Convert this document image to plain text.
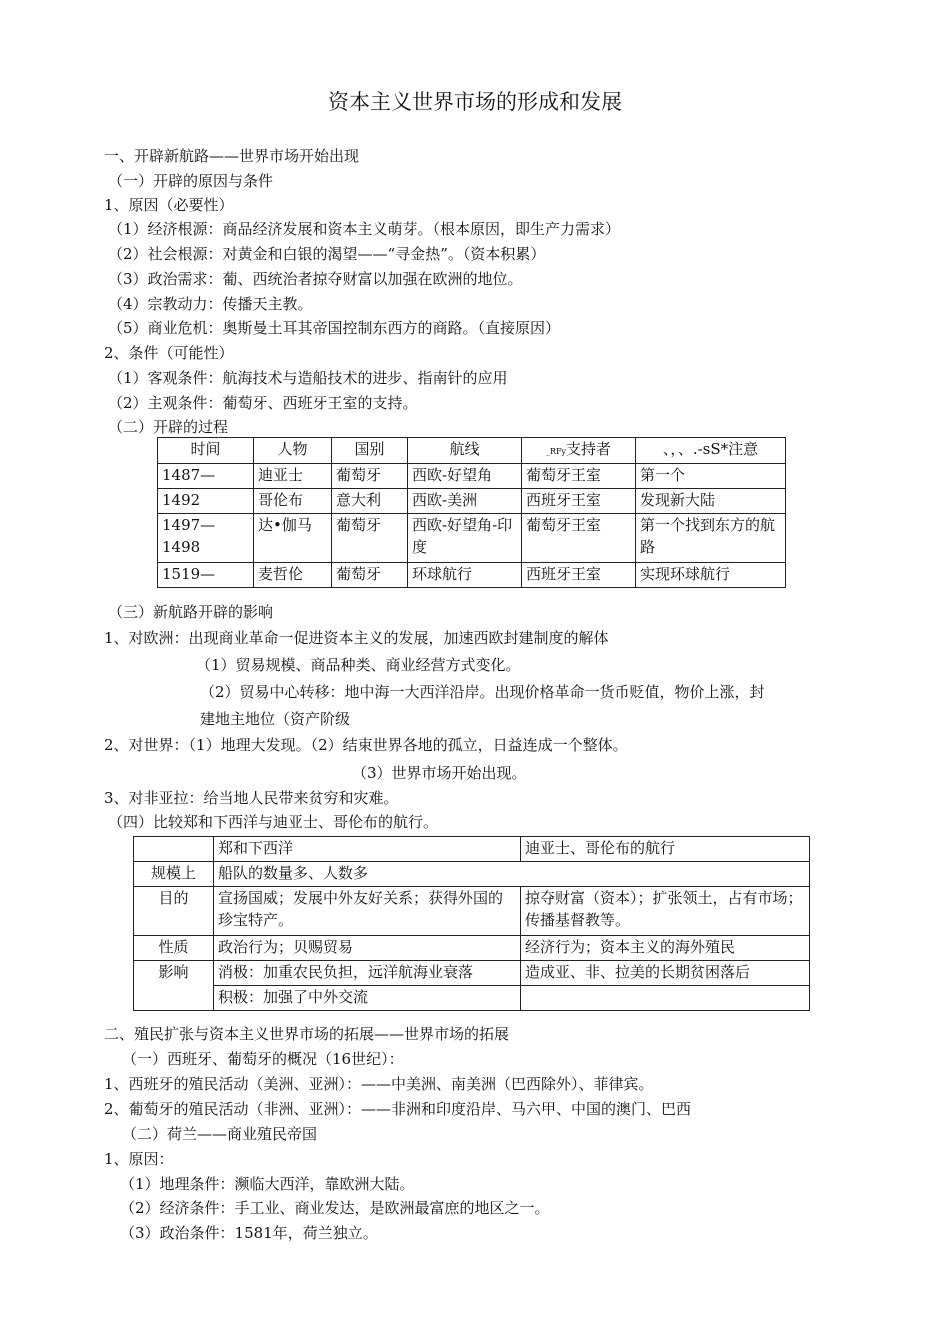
资本主义世界市场的形成和发展
一、开辟新航路——世界市场开始出现
（一）开辟的原因与条件
1、原因（必要性）
（1）经济根源：商品经济发展和资本主义萌芽。（根本原因，即生产力需求）
（2）社会根源：对黄金和白银的渴望——“寻金热”。（资本积累）
（3）政治需求：葡、西统治者掠夺财富以加强在欧洲的地位。
（4）宗教动力：传播天主教。
（5）商业危机：奥斯曼土耳其帝国控制东西方的商路。（直接原因）
2、条件（可能性）
（1）客观条件：航海技术与造船技术的进步、指南针的应用
（2）主观条件：葡萄牙、西班牙王室的支持。
（二）开辟的过程
时间	人物	国别	航线	_RFy支持者	、，、.-sS*注意

1487—	迪亚士	葡萄牙	西欧-好望角	葡萄牙王室	第一个
1492	哥伦布	意大利	西欧-美洲	西班牙王室	发现新大陆
1497—
1498	达•伽马	葡萄牙	西欧-好望角-印度	葡萄牙王室	第一个找到东方的航路

1519—	麦哲伦	葡萄牙	环球航行	西班牙王室	实现环球航行
（三）新航路开辟的影响
1、对欧洲：出现商业革命一促进资本主义的发展，加速西欧封建制度的解体
（1）贸易规模、商品种类、商业经营方式变化。
（2）贸易中心转移：地中海一大西洋沿岸。出现价格革命一货币贬值，物价上涨，封
建地主地位（资产阶级
2、对世界：（1）地理大发现。（2）结束世界各地的孤立，日益连成一个整体。
（3）世界市场开始出现。
3、对非亚拉：给当地人民带来贫穷和灾难。
（四）比较郑和下西洋与迪亚士、哥伦布的航行。
	郑和下西洋	迪亚士、哥伦布的航行
规模上	船队的数量多、人数多	
目的	宣扬国威；发展中外友好关系；获得外国的珍宝特产。	掠夺财富（资本）；扩张领土，占有市场；传播基督教等。
性质	政治行为；贝赐贸易	经济行为；资本主义的海外殖民
影响	消极：加重农民负担，远洋航海业衰落	造成亚、非、拉美的长期贫困落后
	积极：加强了中外交流	
二、殖民扩张与资本主义世界市场的拓展——世界市场的拓展
（一）西班牙、葡萄牙的概况（16世纪）：
1、西班牙的殖民活动（美洲、亚洲）：——中美洲、南美洲（巴西除外）、菲律宾。
2、葡萄牙的殖民活动（非洲、亚洲）：——非洲和印度沿岸、马六甲、中国的澳门、巴西
（二）荷兰——商业殖民帝国
1、原因：
（1）地理条件：濒临大西洋，靠欧洲大陆。
（2）经济条件：手工业、商业发达，是欧洲最富庶的地区之一。
（3）政治条件：1581年，荷兰独立。
